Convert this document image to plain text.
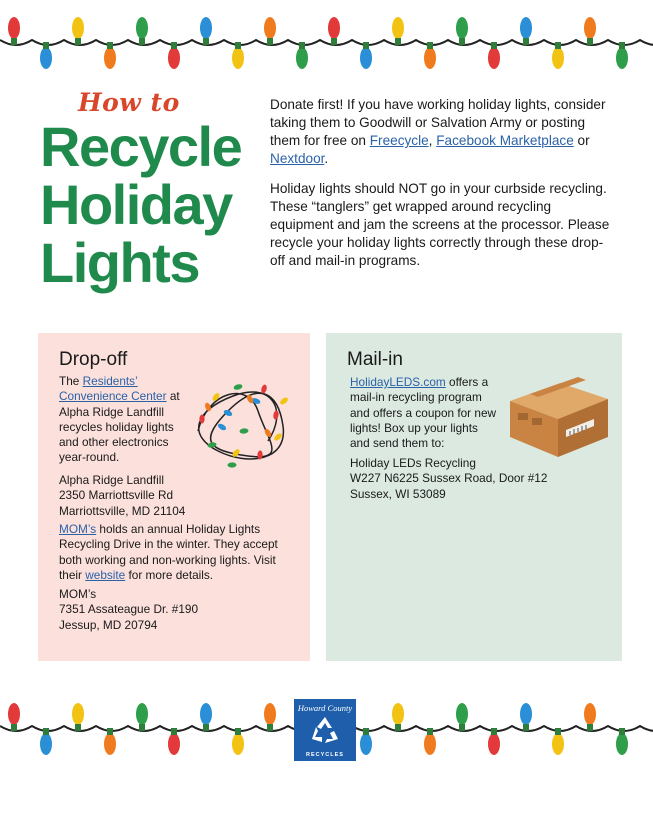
How to
Recycle
Holiday
Lights

Donate first! If you have working holiday lights, consider taking them to Goodwill or Salvation Army or posting them for free on Freecycle, Facebook Marketplace or Nextdoor.

Holiday lights should NOT go in your curbside recycling. These “tanglers” get wrapped around recycling equipment and jam the screens at the processor. Please recycle your holiday lights correctly through these drop-off and mail-in programs.

Drop-off
The Residents’ Convenience Center at Alpha Ridge Landfill recycles holiday lights and other electronics year-round.
Alpha Ridge Landfill
2350 Marriottsville Rd
Marriottsville, MD 21104
MOM’s holds an annual Holiday Lights Recycling Drive in the winter. They accept both working and non-working lights. Visit their website for more details.
MOM’s
7351 Assateague Dr. #190
Jessup, MD 20794
Mail-in
HolidayLEDS.com offers a mail-in recycling program and offers a coupon for new lights! Box up your lights and send them to:
Holiday LEDs Recycling
W227 N6225 Sussex Road, Door #12
Sussex, WI 53089
Howard County
RECYCLES
